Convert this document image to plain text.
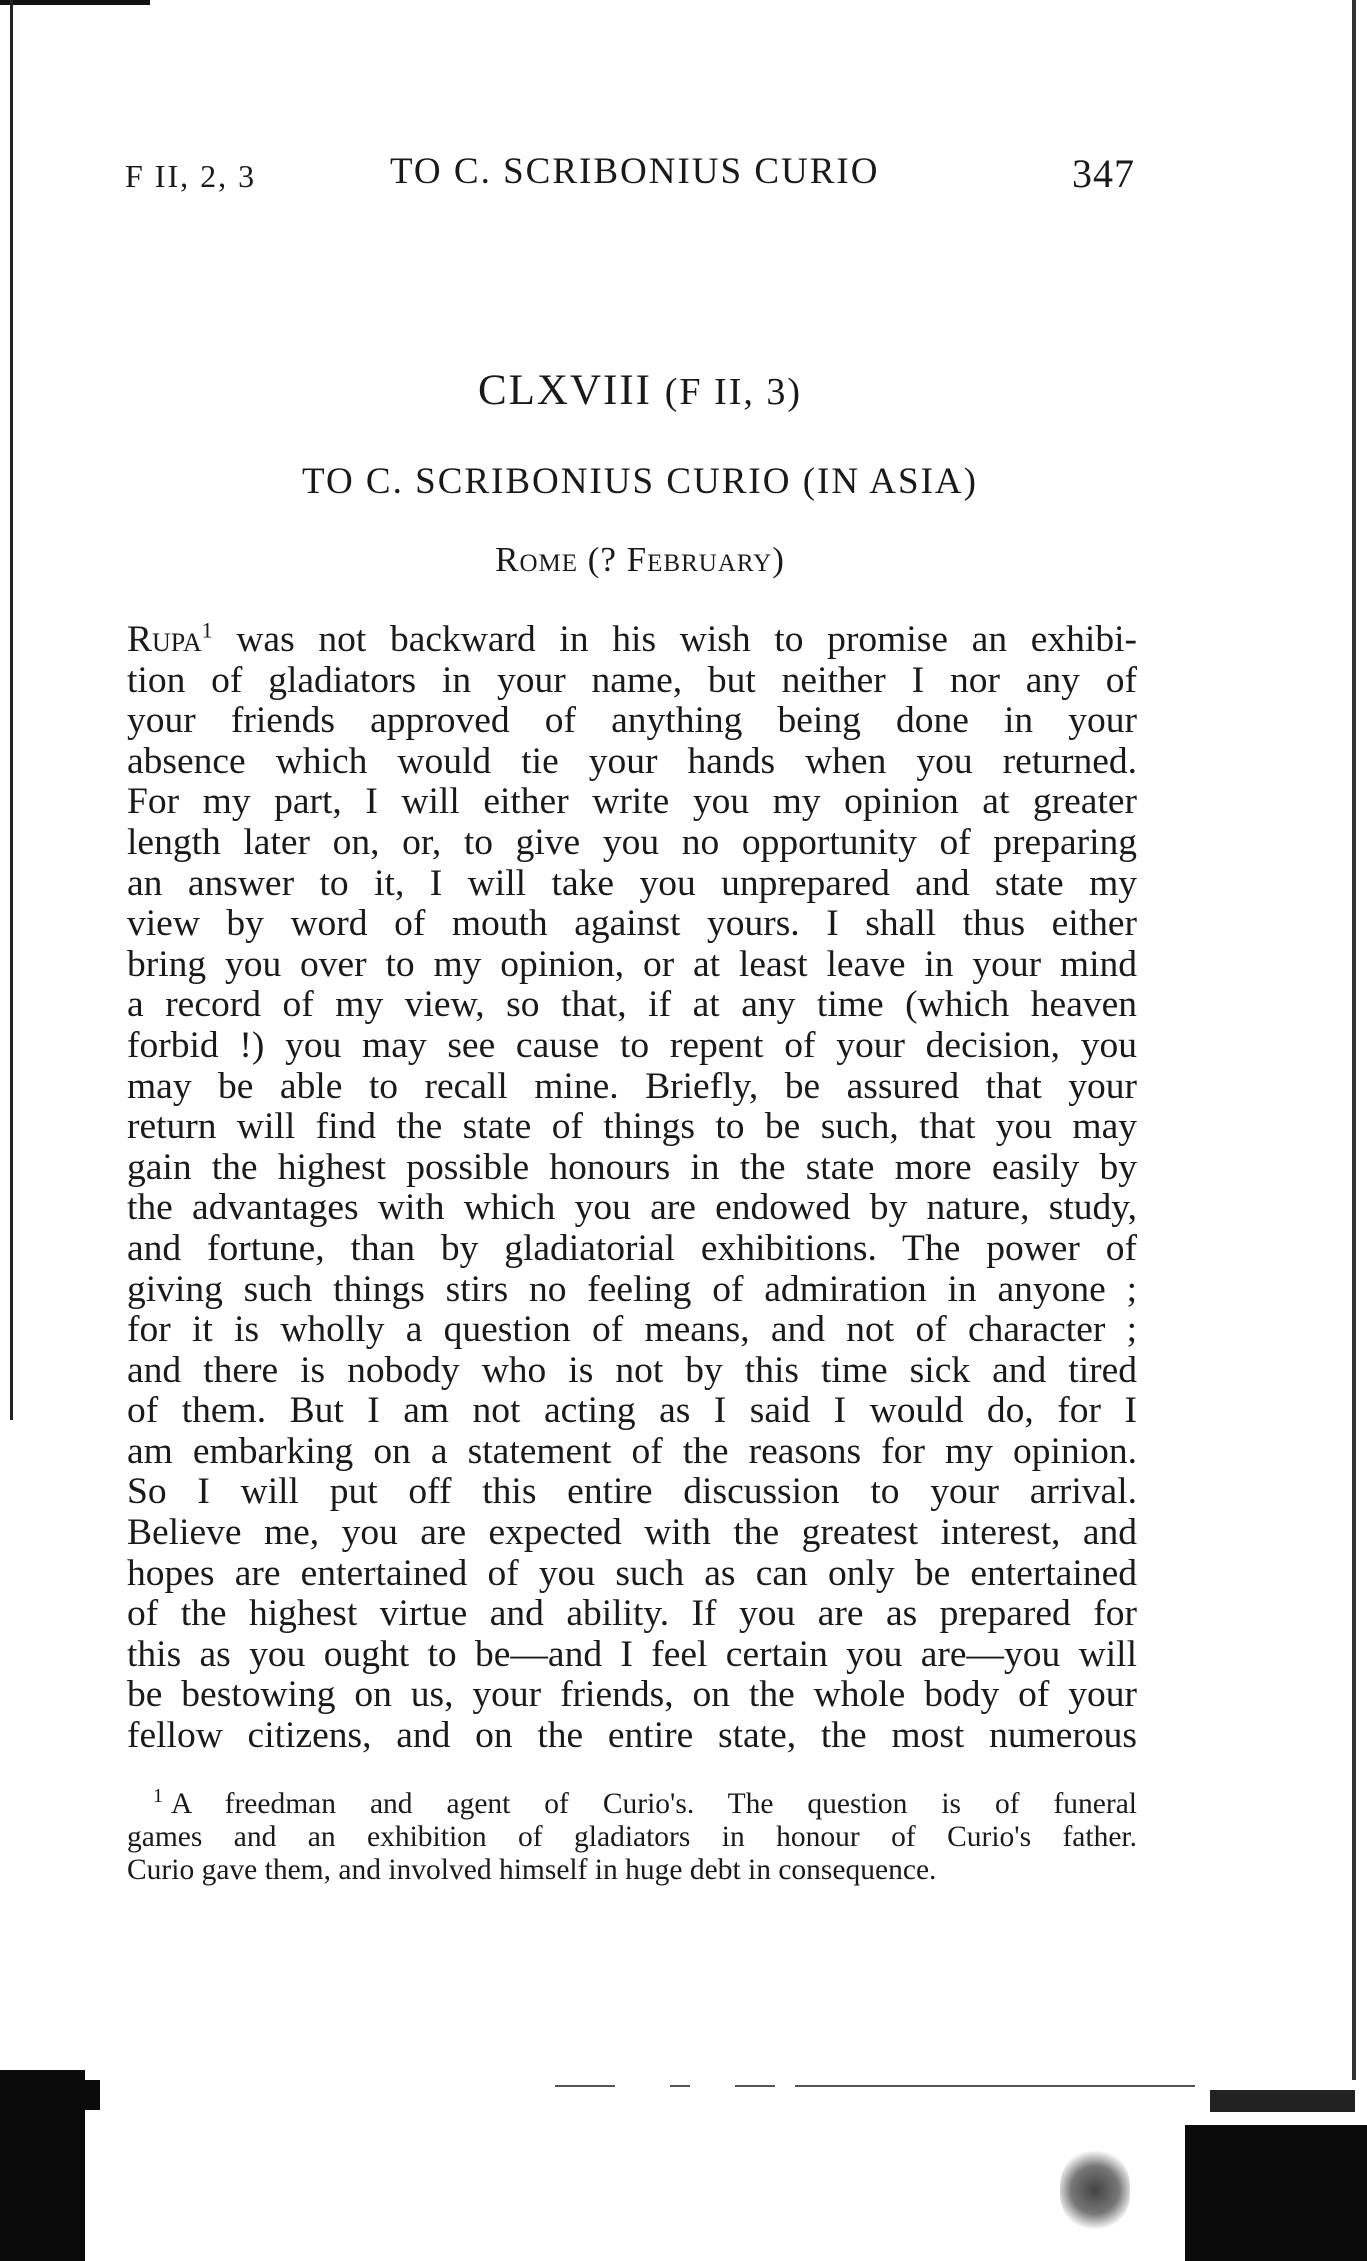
F II, 2, 3	TO C. SCRIBONIUS CURIO	347
CLXVIII (F II, 3)
TO C. SCRIBONIUS CURIO (IN ASIA)
Rome (? February)
Rupa$^1$ was not backward in his wish to promise an exhibi-
tion of gladiators in your name, but neither I nor any of
your friends approved of anything being done in your
absence which would tie your hands when you returned.
For my part, I will either write you my opinion at greater
length later on, or, to give you no opportunity of preparing
an answer to it, I will take you unprepared and state my
view by word of mouth against yours. I shall thus either
bring you over to my opinion, or at least leave in your mind
a record of my view, so that, if at any time (which heaven
forbid !) you may see cause to repent of your decision, you
may be able to recall mine. Briefly, be assured that your
return will find the state of things to be such, that you may
gain the highest possible honours in the state more easily by
the advantages with which you are endowed by nature, study,
and fortune, than by gladiatorial exhibitions. The power of
giving such things stirs no feeling of admiration in anyone ;
for it is wholly a question of means, and not of character ;
and there is nobody who is not by this time sick and tired
of them. But I am not acting as I said I would do, for I
am embarking on a statement of the reasons for my opinion.
So I will put off this entire discussion to your arrival.
Believe me, you are expected with the greatest interest, and
hopes are entertained of you such as can only be entertained
of the highest virtue and ability. If you are as prepared for
this as you ought to be—and I feel certain you are—you will
be bestowing on us, your friends, on the whole body of your
fellow citizens, and on the entire state, the most numerous
$^1$ A freedman and agent of Curio's. The question is of funeral
games and an exhibition of gladiators in honour of Curio's father.
Curio gave them, and involved himself in huge debt in consequence.
